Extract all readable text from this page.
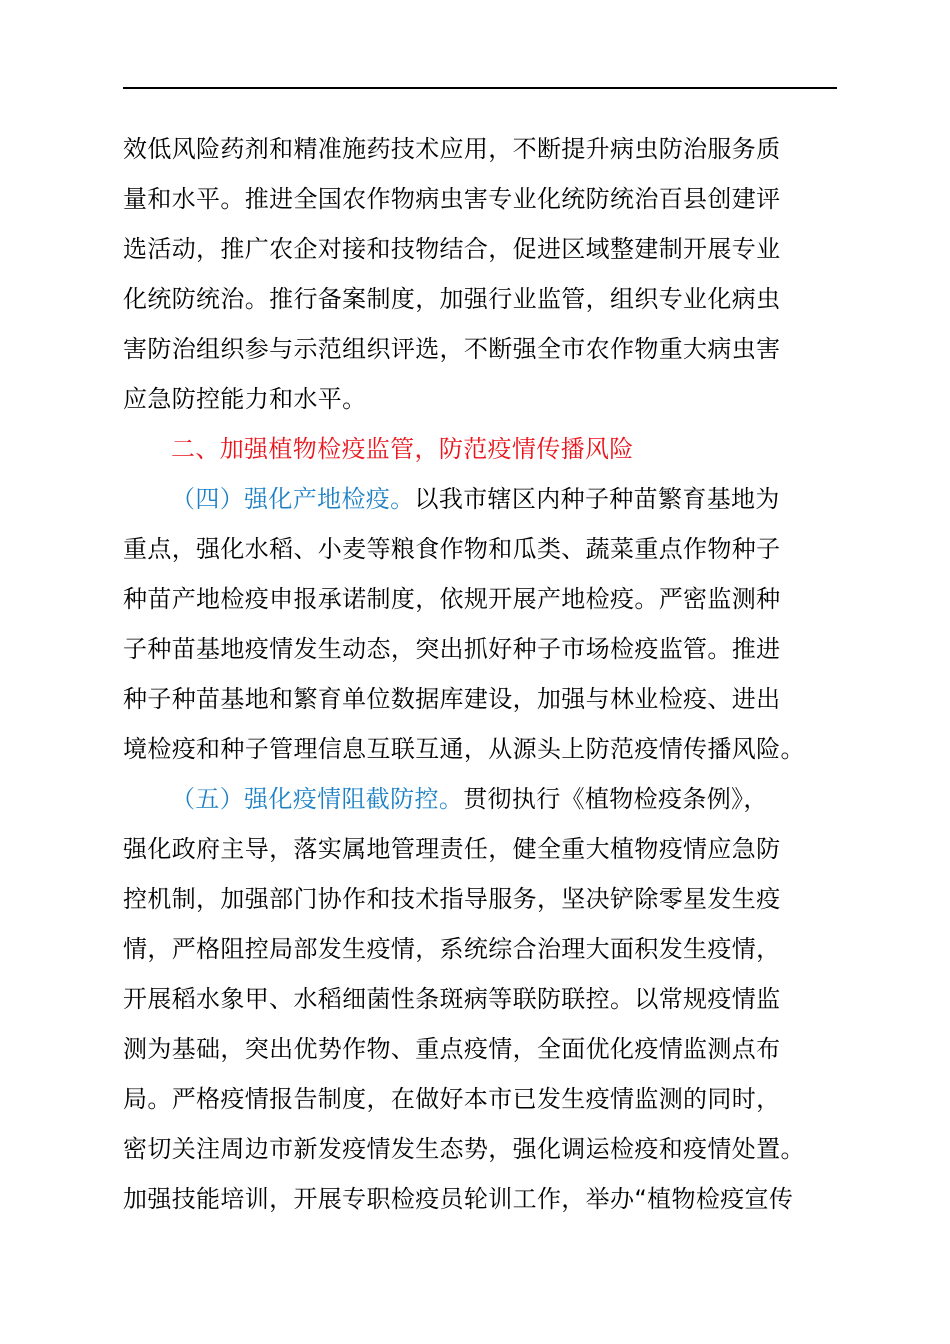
效低风险药剂和精准施药技术应用，不断提升病虫防治服务质
量和水平。推进全国农作物病虫害专业化统防统治百县创建评
选活动，推广农企对接和技物结合，促进区域整建制开展专业
化统防统治。推行备案制度，加强行业监管，组织专业化病虫
害防治组织参与示范组织评选，不断强全市农作物重大病虫害
应急防控能力和水平。
二、加强植物检疫监管，防范疫情传播风险
（四）强化产地检疫。以我市辖区内种子种苗繁育基地为
重点，强化水稻、小麦等粮食作物和瓜类、蔬菜重点作物种子
种苗产地检疫申报承诺制度，依规开展产地检疫。严密监测种
子种苗基地疫情发生动态，突出抓好种子市场检疫监管。推进
种子种苗基地和繁育单位数据库建设，加强与林业检疫、进出
境检疫和种子管理信息互联互通，从源头上防范疫情传播风险。
（五）强化疫情阻截防控。贯彻执行《植物检疫条例》，
强化政府主导，落实属地管理责任，健全重大植物疫情应急防
控机制，加强部门协作和技术指导服务，坚决铲除零星发生疫
情，严格阻控局部发生疫情，系统综合治理大面积发生疫情，
开展稻水象甲、水稻细菌性条斑病等联防联控。以常规疫情监
测为基础，突出优势作物、重点疫情，全面优化疫情监测点布
局。严格疫情报告制度，在做好本市已发生疫情监测的同时，
密切关注周边市新发疫情发生态势，强化调运检疫和疫情处置。
加强技能培训，开展专职检疫员轮训工作，举办“植物检疫宣传
